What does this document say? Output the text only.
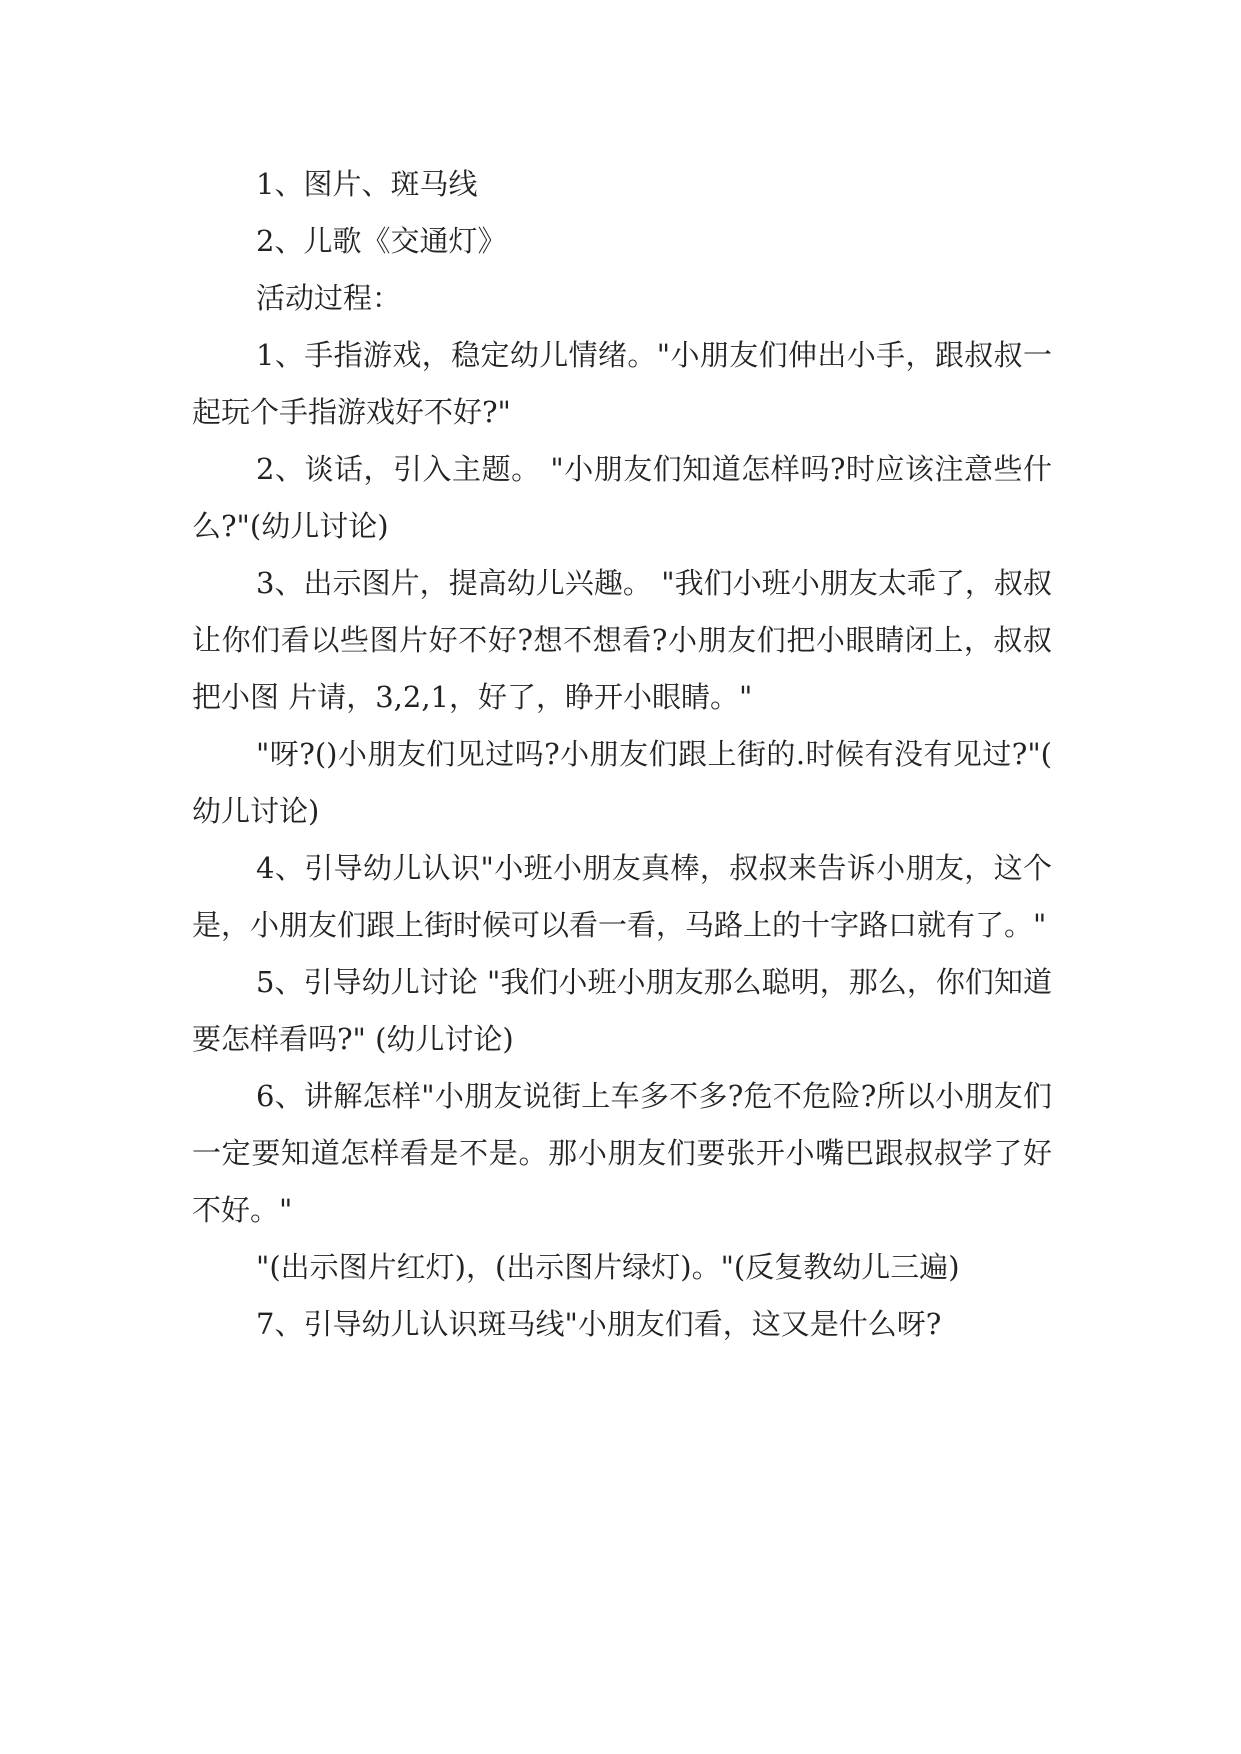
1、图片、斑马线

2、儿歌《交通灯》

活动过程：

1、手指游戏，稳定幼儿情绪。"小朋友们伸出小手，跟叔叔一起玩个手指游戏好不好?"

2、谈话，引入主题。 "小朋友们知道怎样吗?时应该注意些什么?"(幼儿讨论)

3、出示图片，提高幼儿兴趣。 "我们小班小朋友太乖了，叔叔让你们看以些图片好不好?想不想看?小朋友们把小眼睛闭上，叔叔把小图 片请，3,2,1，好了，睁开小眼睛。"

"呀?()小朋友们见过吗?小朋友们跟上街的.时候有没有见过?"(幼儿讨论)

4、引导幼儿认识"小班小朋友真棒，叔叔来告诉小朋友，这个是，小朋友们跟上街时候可以看一看，马路上的十字路口就有了。"

5、引导幼儿讨论 "我们小班小朋友那么聪明，那么，你们知道要怎样看吗?" (幼儿讨论)

6、讲解怎样"小朋友说街上车多不多?危不危险?所以小朋友们一定要知道怎样看是不是。那小朋友们要张开小嘴巴跟叔叔学了好不好。"

"(出示图片红灯)，(出示图片绿灯)。"(反复教幼儿三遍)

7、引导幼儿认识斑马线"小朋友们看，这又是什么呀?
